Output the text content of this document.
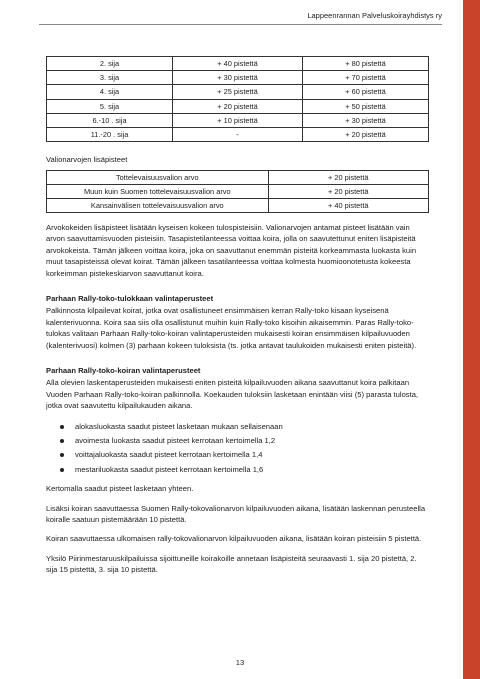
Lappeenrannan Palveluskoirayhdistys ry
2. sija	+ 40 pistettä	+ 80 pistettä
3. sija	+ 30 pistettä	+ 70 pistettä
4. sija	+ 25 pistettä	+ 60 pistettä
5. sija	+ 20 pistettä	+ 50 pistettä
6.-10 . sija	+ 10 pistettä	+ 30 pistettä
11.-20 . sija	-	+ 20 pistettä
Valionarvojen lisäpisteet
Tottelevaisuusvalion arvo	+ 20 pistettä
Muun kuin Suomen tottelevaisuusvalion arvo	+ 20 pistettä
Kansainvälisen tottelevaisuusvalion arvo	+ 40 pistettä

Arvokokeiden lisäpisteet lisätään kyseisen kokeen tulospisteisiin. Valionarvojen antamat pisteet lisätään vain arvon saavuttamisvuoden pisteisiin. Tasapistetilanteessa voittaa koira, jolla on saavutettunut eniten lisäpisteitä arvokokeista. Tämän jälkeen voittaa koira, joka on saavuttanut enemmän pisteitä korkeammasta luokasta kuin muut tasapisteissä olevat koirat. Tämän jälkeen tasatilanteessa voittaa kolmesta huomioonotetusta kokeesta korkeimman pistekeskiarvon saavuttanut koira.

Parhaan Rally-toko-tulokkaan valintaperusteet

Palkinnosta kilpailevat koirat, jotka ovat osallistuneet ensimmäisen kerran Rally-toko kisaan kyseisenä kalenterivuonna. Koira saa siis olla osallistunut muihin kuin Rally-toko kisoihin aikaisemmin. Paras Rally-toko-tulokas valitaan Parhaan Rally-toko-koiran valintaperusteiden mukaisesti koiran ensimmäisen kilpailuvuoden (kalenterivuosi) kolmen (3) parhaan kokeen tuloksista (ts. jotka antavat taulukoiden mukaisesti eniten pisteitä).

Parhaan Rally-toko-koiran valintaperusteet

Alla olevien laskentaperusteiden mukaisesti eniten pisteitä kilpailuvuoden aikana saavuttanut koira palkitaan Vuoden Parhaan Rally-toko-koiran palkinnolla. Koekauden tuloksiin lasketaan enintään viisi (5) parasta tulosta, jotka ovat saavutettu kilpailukauden aikana.

alokasluokasta saadut pisteet lasketaan mukaan sellaisenaan
avoimesta luokasta saadut pisteet kerrotaan kertoimella 1,2
voittajaluokasta saadut pisteet kerrotaan kertoimella 1,4
mestariluokasta saadut pisteet kerrotaan kertoimella 1,6

Kertomalla saadut pisteet lasketaan yhteen.

Lisäksi koiran saavuttaessa Suomen Rally-tokovalionarvon kilpailuvuoden aikana, lisätään laskennan perusteella koiralle saatuun pistemäärään 10 pistettä.

Koiran saavuttaessa ulkomaisen rally-tokovalionarvon kilpailuvuoden aikana, lisätään koiran pisteisiin 5 pistettä.

Yksilö Piirinmestaruuskilpailuissa sijoittuneille koirakoille annetaan lisäpisteitä seuraavasti 1. sija 20 pistettä, 2. sija 15 pistettä, 3. sija 10 pistettä.

13
